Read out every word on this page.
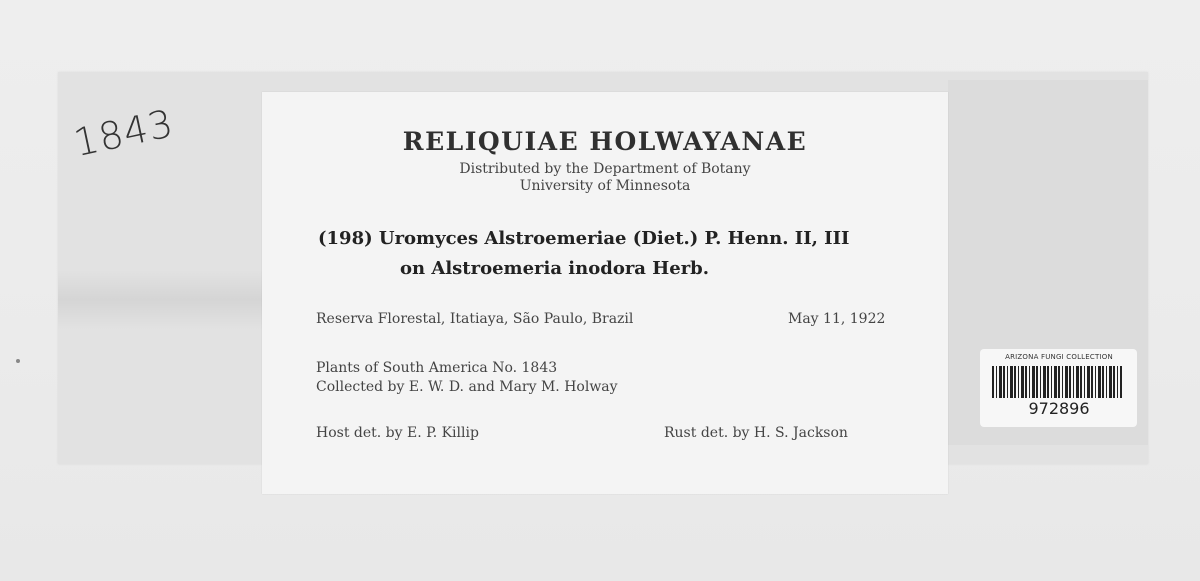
1843	RELIQUIAE HOLWAYANAE
Distributed by the Department of Botany
University of Minnesota
(198) Uromyces Alstroemeriae (Diet.) P. Henn. II, III
on Alstroemeria inodora Herb.
Reserva Florestal, Itatiaya, São Paulo, Brazil	May 11, 1922
Plants of South America No. 1843
Collected by E. W. D. and Mary M. Holway
Host det. by E. P. Killip	Rust det. by H. S. Jackson
ARIZONA FUNGI COLLECTION
972896
